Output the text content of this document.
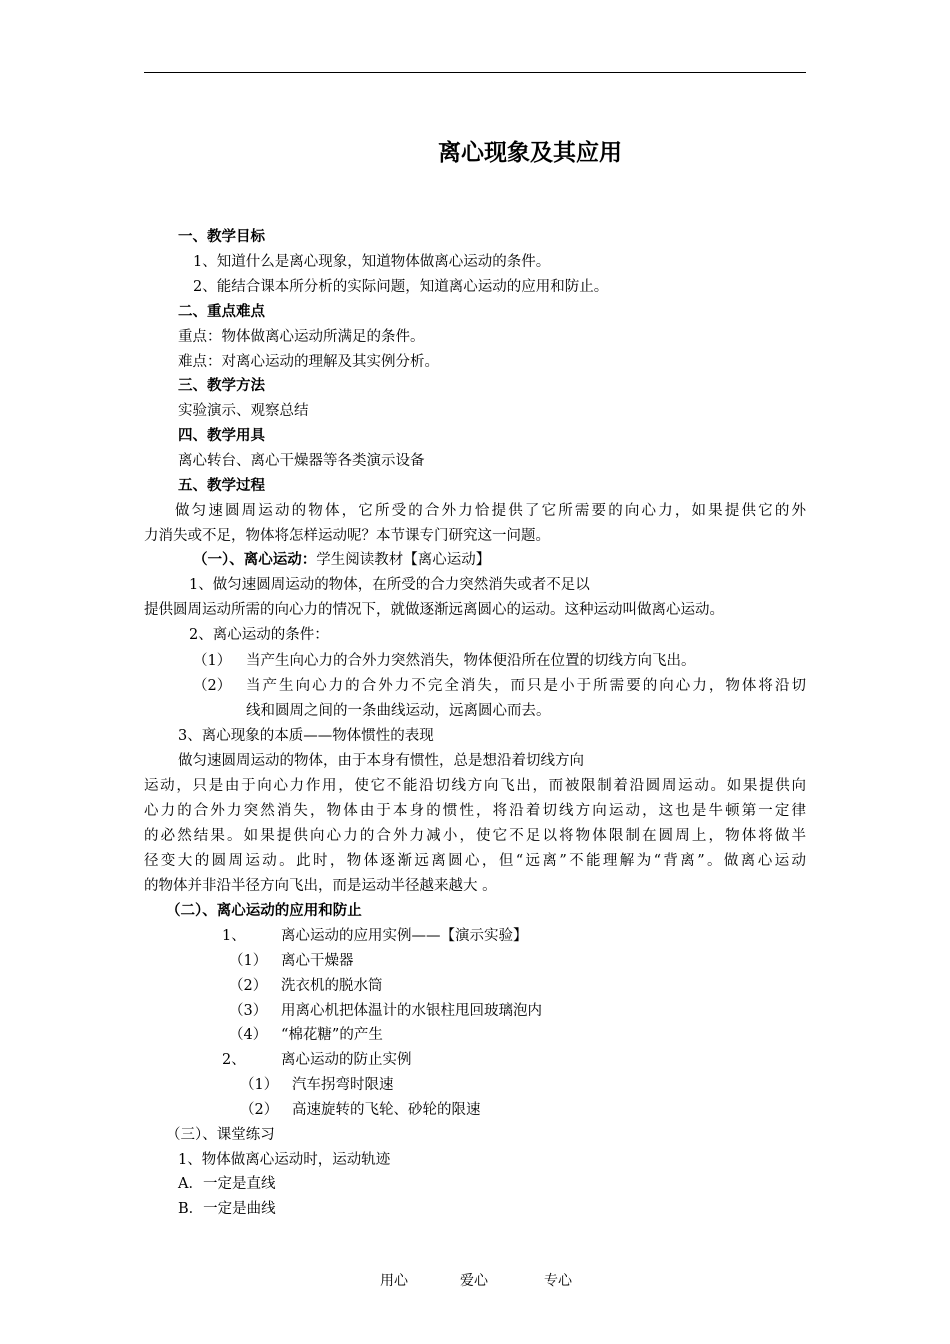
离心现象及其应用
一、教学目标
1、知道什么是离心现象，知道物体做离心运动的条件。
2、能结合课本所分析的实际问题，知道离心运动的应用和防止。
二、重点难点
重点：物体做离心运动所满足的条件。
难点：对离心运动的理解及其实例分析。
三、教学方法
实验演示、观察总结
四、教学用具
离心转台、离心干燥器等各类演示设备
五、教学过程
做匀速圆周运动的物体，它所受的合外力恰提供了它所需要的向心力，如果提供它的外
力消失或不足，物体将怎样运动呢？本节课专门研究这一问题。
（一）、离心运动：学生阅读教材【离心运动】
1、做匀速圆周运动的物体，在所受的合力突然消失或者不足以
提供圆周运动所需的向心力的情况下，就做逐渐远离圆心的运动。这种运动叫做离心运动。
2、离心运动的条件：
（1） 当产生向心力的合外力突然消失，物体便沿所在位置的切线方向飞出。
（2） 当产生向心力的合外力不完全消失，而只是小于所需要的向心力，物体将沿切
线和圆周之间的一条曲线运动，远离圆心而去。
3、离心现象的本质——物体惯性的表现
做匀速圆周运动的物体，由于本身有惯性，总是想沿着切线方向
运动，只是由于向心力作用，使它不能沿切线方向飞出，而被限制着沿圆周运动。如果提供向
心力的合外力突然消失，物体由于本身的惯性，将沿着切线方向运动，这也是牛顿第一定律
的必然结果。如果提供向心力的合外力减小，使它不足以将物体限制在圆周上，物体将做半
径变大的圆周运动。此时，物体逐渐远离圆心，但“远离”不能理解为“背离”。做离心运动
的物体并非沿半径方向飞出，而是运动半径越来越大 。
（二）、离心运动的应用和防止
1、 离心运动的应用实例——【演示实验】
（1） 离心干燥器
（2） 洗衣机的脱水筒
（3） 用离心机把体温计的水银柱甩回玻璃泡内
（4） “棉花糖”的产生
2、 离心运动的防止实例
（1） 汽车拐弯时限速
（2） 高速旋转的飞轮、砂轮的限速
（三）、课堂练习
1、物体做离心运动时，运动轨迹
A．一定是直线
B．一定是曲线
用心	爱心	专心
